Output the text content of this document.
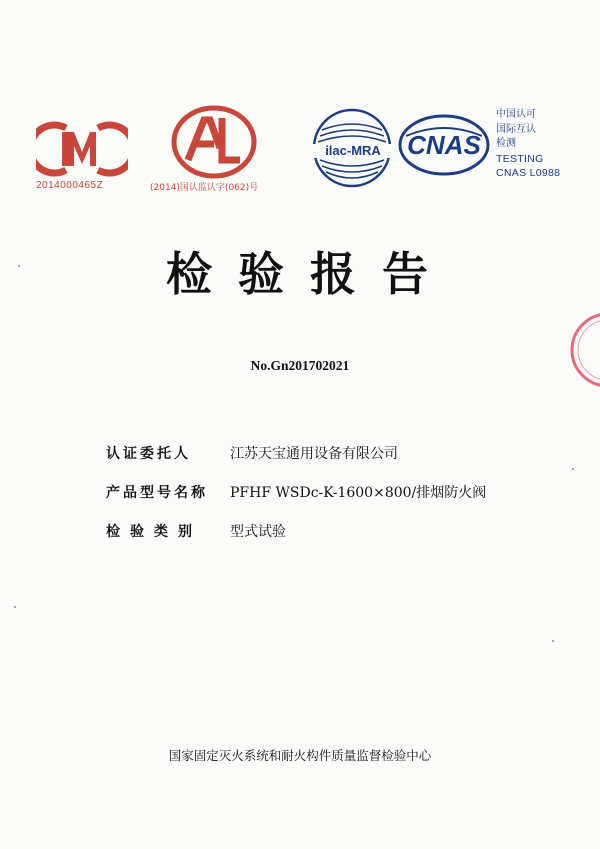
2014000465Z	(2014)国认监认字(062)号
ilac-MRA CNAS
中国认可
国际互认
检测
TESTING
CNAS L0988
检验报告
No.Gn201702021
认证委托人	江苏天宝通用设备有限公司
产品型号名称	PFHF WSDc-K-1600×800/排烟防火阀
检验类别	型式试验
国家固定灭火系统和耐火构件质量监督检验中心
